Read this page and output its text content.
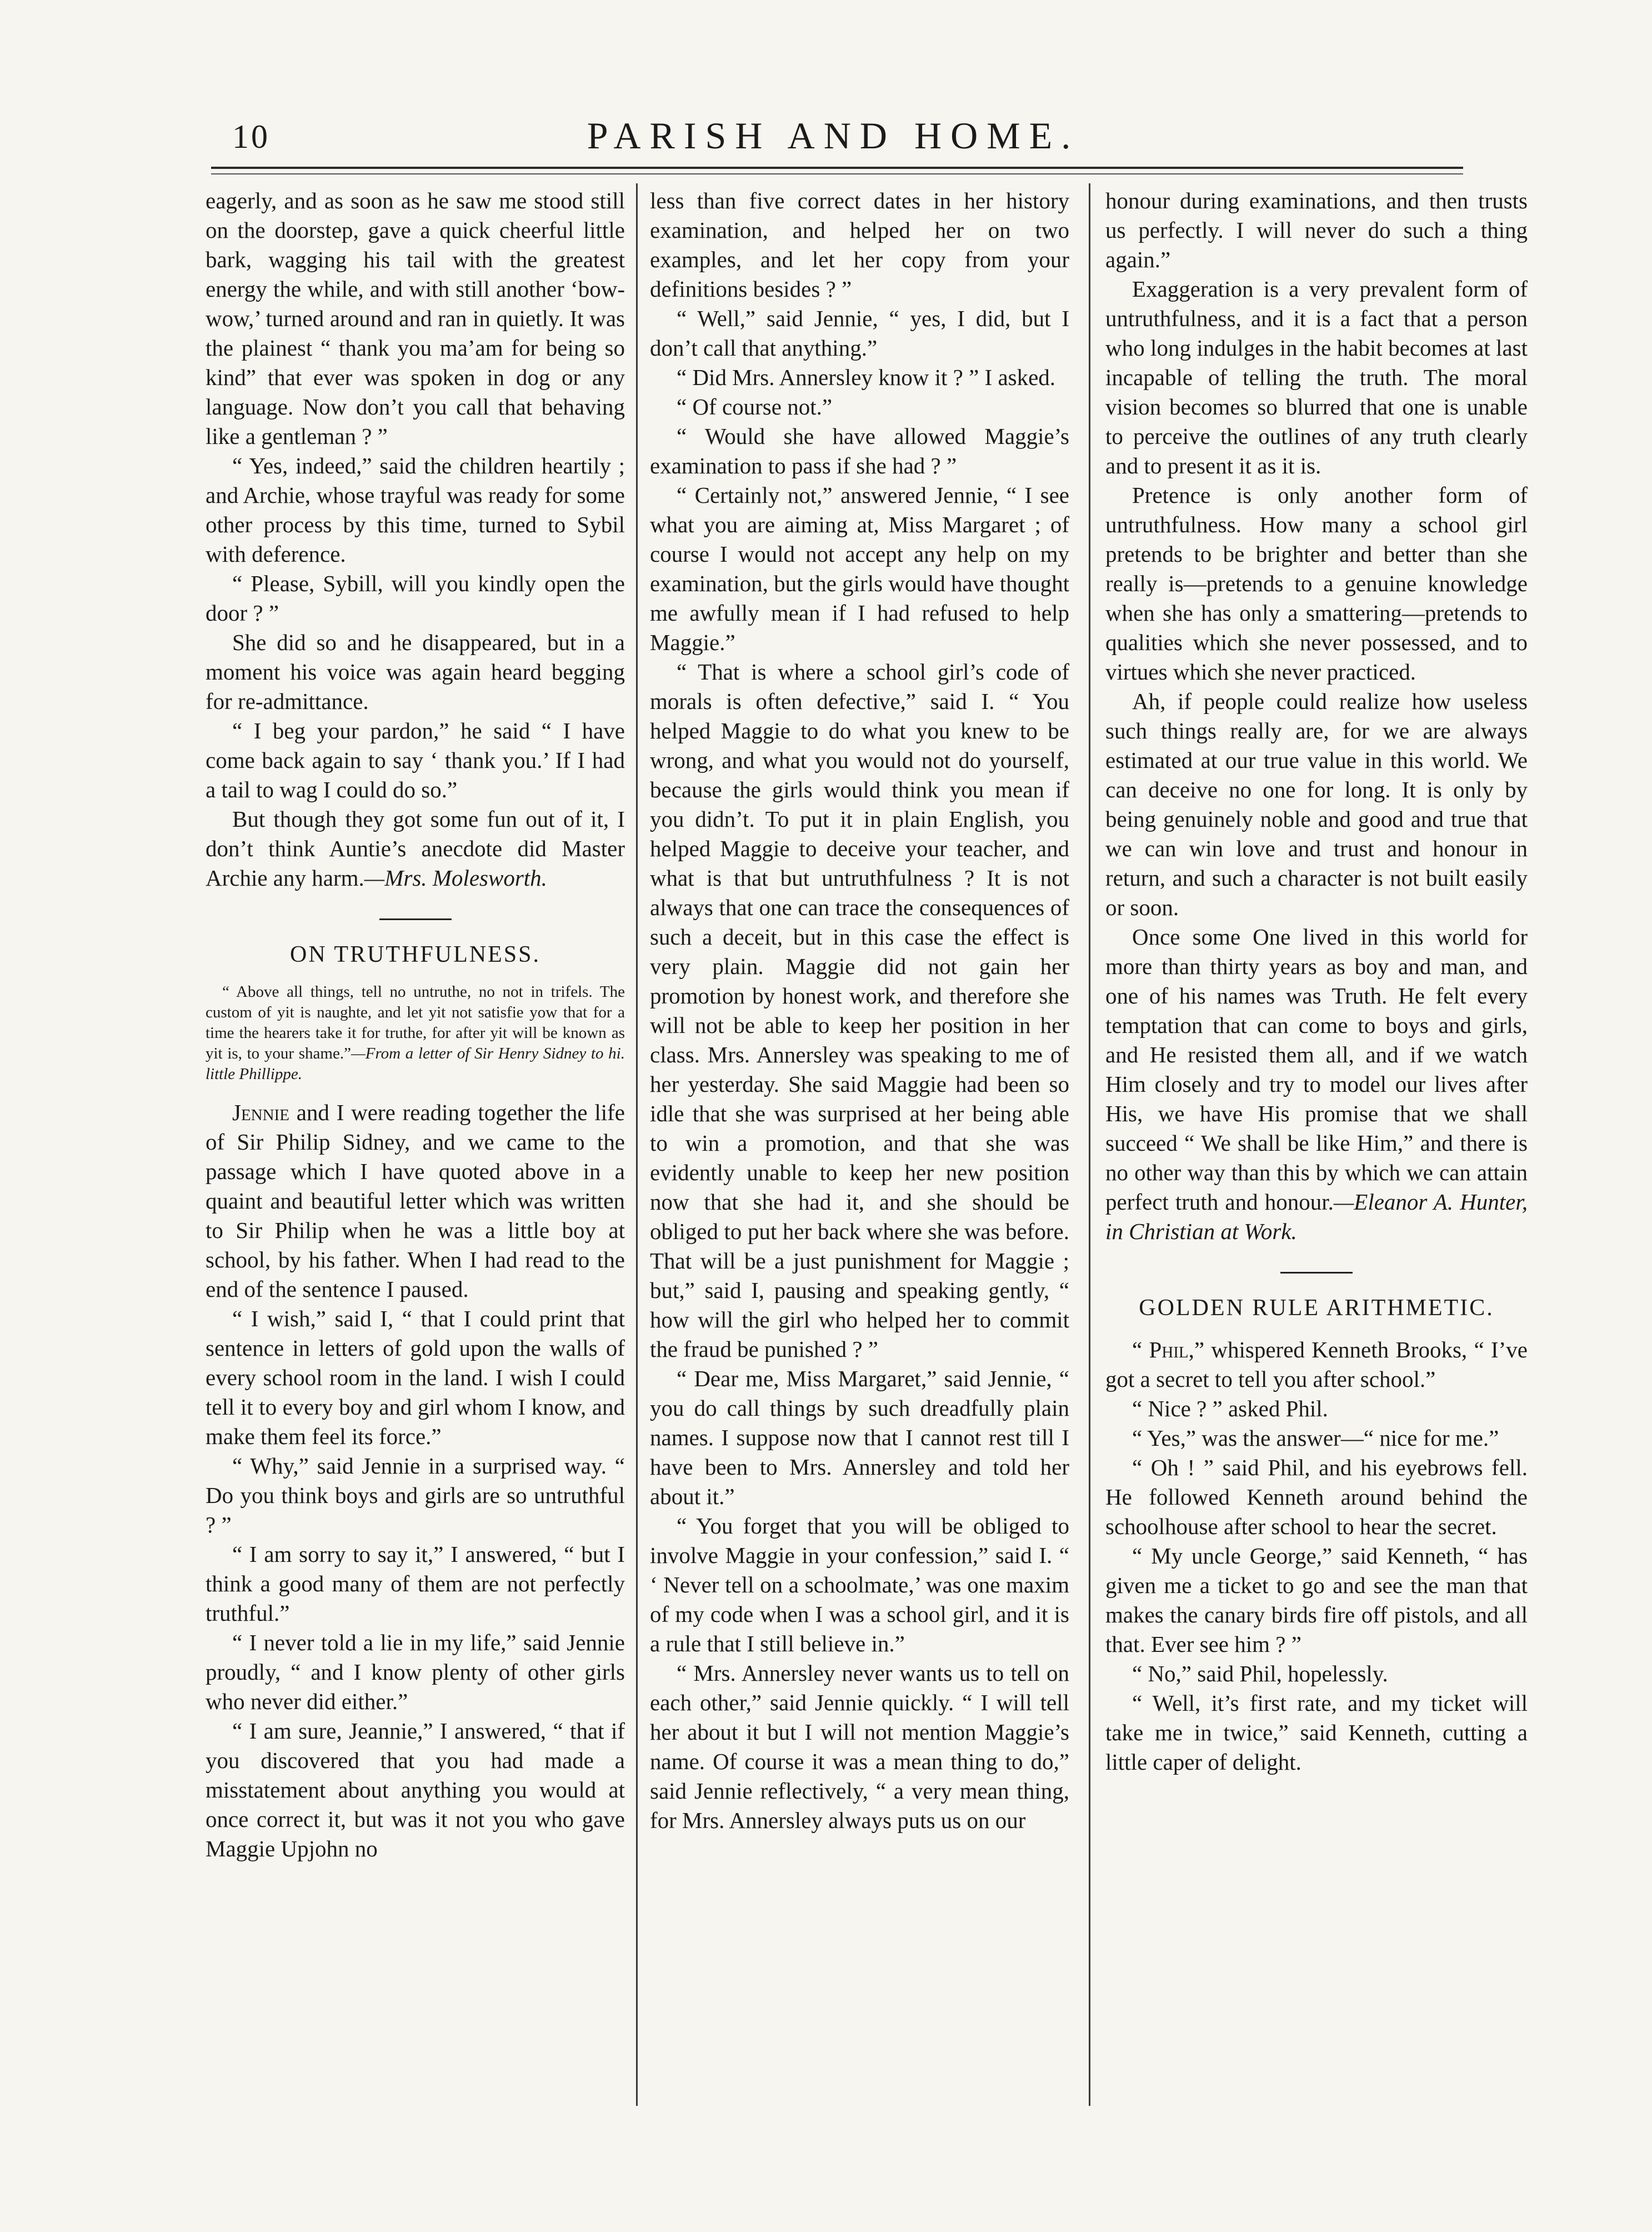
10	PARISH AND HOME.

eagerly, and as soon as he saw me stood still on the doorstep, gave a quick cheerful little bark, wagging his tail with the greatest energy the while, and with still another ‘bow-wow,’ turned around and ran in quietly. It was the plainest “ thank you ma’am for being so kind” that ever was spoken in dog or any language. Now don’t you call that behaving like a gentleman ? ”

“ Yes, indeed,” said the children heartily ; and Archie, whose trayful was ready for some other process by this time, turned to Sybil with deference.

“ Please, Sybill, will you kindly open the door ? ”

She did so and he disappeared, but in a moment his voice was again heard begging for re-admittance.

“ I beg your pardon,” he said “ I have come back again to say ‘ thank you.’ If I had a tail to wag I could do so.”

But though they got some fun out of it, I don’t think Auntie’s anecdote did Master Archie any harm.—Mrs. Molesworth.

ON TRUTHFULNESS.

“ Above all things, tell no untruthe, no not in trifels. The custom of yit is naughte, and let yit not satisfie yow that for a time the hearers take it for truthe, for after yit will be known as yit is, to your shame.”—From a letter of Sir Henry Sidney to hi. little Phillippe.

Jennie and I were reading together the life of Sir Philip Sidney, and we came to the passage which I have quoted above in a quaint and beautiful letter which was written to Sir Philip when he was a little boy at school, by his father. When I had read to the end of the sentence I paused.

“ I wish,” said I, “ that I could print that sentence in letters of gold upon the walls of every school room in the land. I wish I could tell it to every boy and girl whom I know, and make them feel its force.”

“ Why,” said Jennie in a surprised way. “ Do you think boys and girls are so untruthful ? ”

“ I am sorry to say it,” I answered, “ but I think a good many of them are not perfectly truthful.”

“ I never told a lie in my life,” said Jennie proudly, “ and I know plenty of other girls who never did either.”

“ I am sure, Jeannie,” I answered, “ that if you discovered that you had made a misstatement about anything you would at once correct it, but was it not you who gave Maggie Upjohn no

less than five correct dates in her history examination, and helped her on two examples, and let her copy from your definitions besides ? ”

“ Well,” said Jennie, “ yes, I did, but I don’t call that anything.”

“ Did Mrs. Annersley know it ? ” I asked.

“ Of course not.”

“ Would she have allowed Maggie’s examination to pass if she had ? ”

“ Certainly not,” answered Jennie, “ I see what you are aiming at, Miss Margaret ; of course I would not accept any help on my examination, but the girls would have thought me awfully mean if I had refused to help Maggie.”

“ That is where a school girl’s code of morals is often defective,” said I. “ You helped Maggie to do what you knew to be wrong, and what you would not do yourself, because the girls would think you mean if you didn’t. To put it in plain English, you helped Maggie to deceive your teacher, and what is that but untruthfulness ? It is not always that one can trace the consequences of such a deceit, but in this case the effect is very plain. Maggie did not gain her promotion by honest work, and therefore she will not be able to keep her position in her class. Mrs. Annersley was speaking to me of her yesterday. She said Maggie had been so idle that she was surprised at her being able to win a promotion, and that she was evidently unable to keep her new position now that she had it, and she should be obliged to put her back where she was before. That will be a just punishment for Maggie ; but,” said I, pausing and speaking gently, “ how will the girl who helped her to commit the fraud be punished ? ”

“ Dear me, Miss Margaret,” said Jennie, “ you do call things by such dreadfully plain names. I suppose now that I cannot rest till I have been to Mrs. Annersley and told her about it.”

“ You forget that you will be obliged to involve Maggie in your confession,” said I. “ ‘ Never tell on a schoolmate,’ was one maxim of my code when I was a school girl, and it is a rule that I still believe in.”

“ Mrs. Annersley never wants us to tell on each other,” said Jennie quickly. “ I will tell her about it but I will not mention Maggie’s name. Of course it was a mean thing to do,” said Jennie reflectively, “ a very mean thing, for Mrs. Annersley always puts us on our

honour during examinations, and then trusts us perfectly. I will never do such a thing again.”

Exaggeration is a very prevalent form of untruthfulness, and it is a fact that a person who long indulges in the habit becomes at last incapable of telling the truth. The moral vision becomes so blurred that one is unable to perceive the outlines of any truth clearly and to present it as it is.

Pretence is only another form of untruthfulness. How many a school girl pretends to be brighter and better than she really is—pretends to a genuine knowledge when she has only a smattering—pretends to qualities which she never possessed, and to virtues which she never practiced.

Ah, if people could realize how useless such things really are, for we are always estimated at our true value in this world. We can deceive no one for long. It is only by being genuinely noble and good and true that we can win love and trust and honour in return, and such a character is not built easily or soon.

Once some One lived in this world for more than thirty years as boy and man, and one of his names was Truth. He felt every temptation that can come to boys and girls, and He resisted them all, and if we watch Him closely and try to model our lives after His, we have His promise that we shall succeed “ We shall be like Him,” and there is no other way than this by which we can attain perfect truth and honour.—Eleanor A. Hunter, in Christian at Work.

GOLDEN RULE ARITHMETIC.

“ Phil,” whispered Kenneth Brooks, “ I’ve got a secret to tell you after school.”

“ Nice ? ” asked Phil.

“ Yes,” was the answer—“ nice for me.”

“ Oh ! ” said Phil, and his eyebrows fell. He followed Kenneth around behind the schoolhouse after school to hear the secret.

“ My uncle George,” said Kenneth, “ has given me a ticket to go and see the man that makes the canary birds fire off pistols, and all that. Ever see him ? ”

“ No,” said Phil, hopelessly.

“ Well, it’s first rate, and my ticket will take me in twice,” said Kenneth, cutting a little caper of delight.
